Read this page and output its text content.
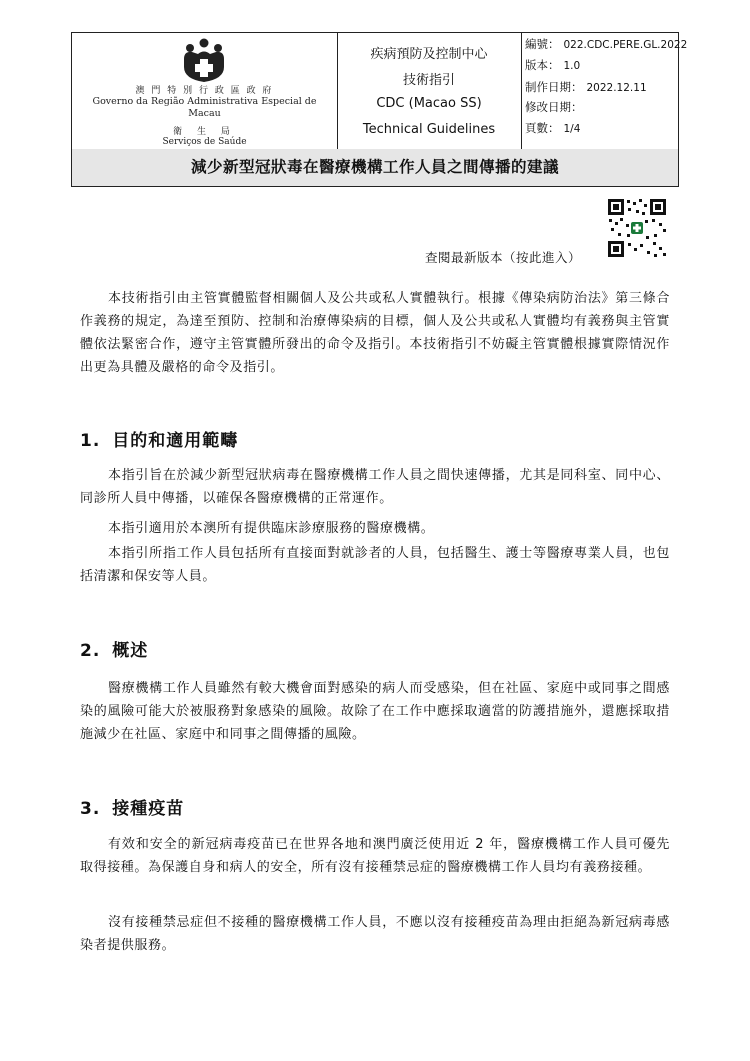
澳 門 特 別 行 政 區 政 府
Governo da Região Administrativa Especial de Macau
衛 生 局
Serviços de Saúde
疾病預防及控制中心
技術指引
CDC (Macao SS)
Technical Guidelines
編號： 022.CDC.PERE.GL.2022
版本： 1.0
制作日期： 2022.12.11
修改日期：
頁數： 1/4
減少新型冠狀毒在醫療機構工作人員之間傳播的建議
查閱最新版本（按此進入）
本技術指引由主管實體監督相關個人及公共或私人實體執行。根據《傳染病防治法》第三條合作義務的規定，為達至預防、控制和治療傳染病的目標，個人及公共或私人實體均有義務與主管實體依法緊密合作，遵守主管實體所發出的命令及指引。本技術指引不妨礙主管實體根據實際情況作出更為具體及嚴格的命令及指引。
1. 目的和適用範疇
本指引旨在於減少新型冠狀病毒在醫療機構工作人員之間快速傳播，尤其是同科室、同中心、同診所人員中傳播，以確保各醫療機構的正常運作。
本指引適用於本澳所有提供臨床診療服務的醫療機構。
本指引所指工作人員包括所有直接面對就診者的人員，包括醫生、護士等醫療專業人員，也包括清潔和保安等人員。
2. 概述
醫療機構工作人員雖然有較大機會面對感染的病人而受感染，但在社區、家庭中或同事之間感染的風險可能大於被服務對象感染的風險。故除了在工作中應採取適當的防護措施外，還應採取措施減少在社區、家庭中和同事之間傳播的風險。
3. 接種疫苗
有效和安全的新冠病毒疫苗已在世界各地和澳門廣泛使用近 2 年，醫療機構工作人員可優先取得接種。為保護自身和病人的安全，所有沒有接種禁忌症的醫療機構工作人員均有義務接種。
沒有接種禁忌症但不接種的醫療機構工作人員，不應以沒有接種疫苗為理由拒絕為新冠病毒感染者提供服務。
